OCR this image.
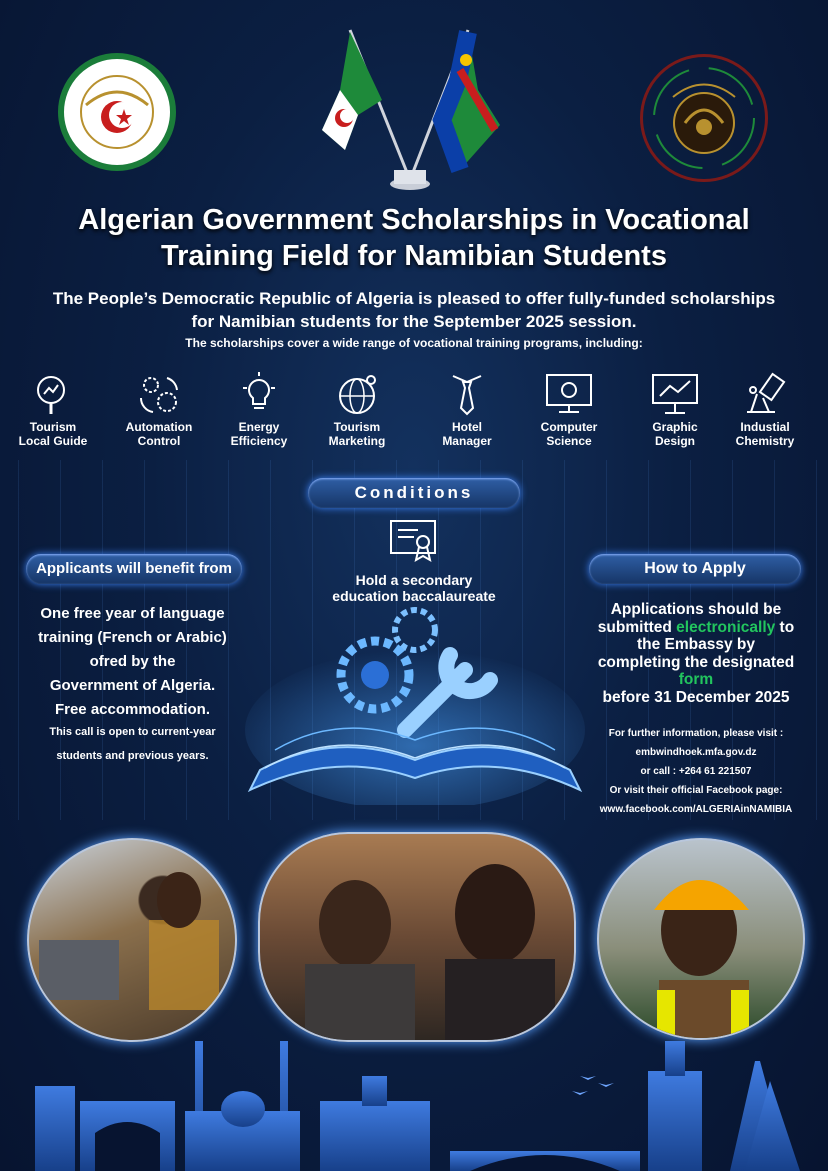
Algerian Government Scholarships in Vocational
Training Field for Namibian Students
The People’s Democratic Republic of Algeria is pleased to offer fully-funded scholarships
for Namibian students for the September 2025 session.
The scholarships cover a wide range of vocational training programs, including:
Tourism
Local Guide
Automation
Control
Energy
Efficiency
Tourism
Marketing
Hotel
Manager
Computer
Science
Graphic
Design
Industial
Chemistry
Conditions
Hold a secondary
education baccalaureate
Applicants will benefit from
One free year of language
training (French or Arabic)
ofred by the
Government of Algeria.
Free accommodation.
This call is open to current-year
students and previous years.
How to Apply
Applications should be
submitted electronically to
the Embassy by
completing the designated
form
before 31 December 2025
For further information, please visit :
embwindhoek.mfa.gov.dz
or call : +264 61 221507
Or visit their official Facebook page:
www.facebook.com/ALGERIAinNAMIBIA
